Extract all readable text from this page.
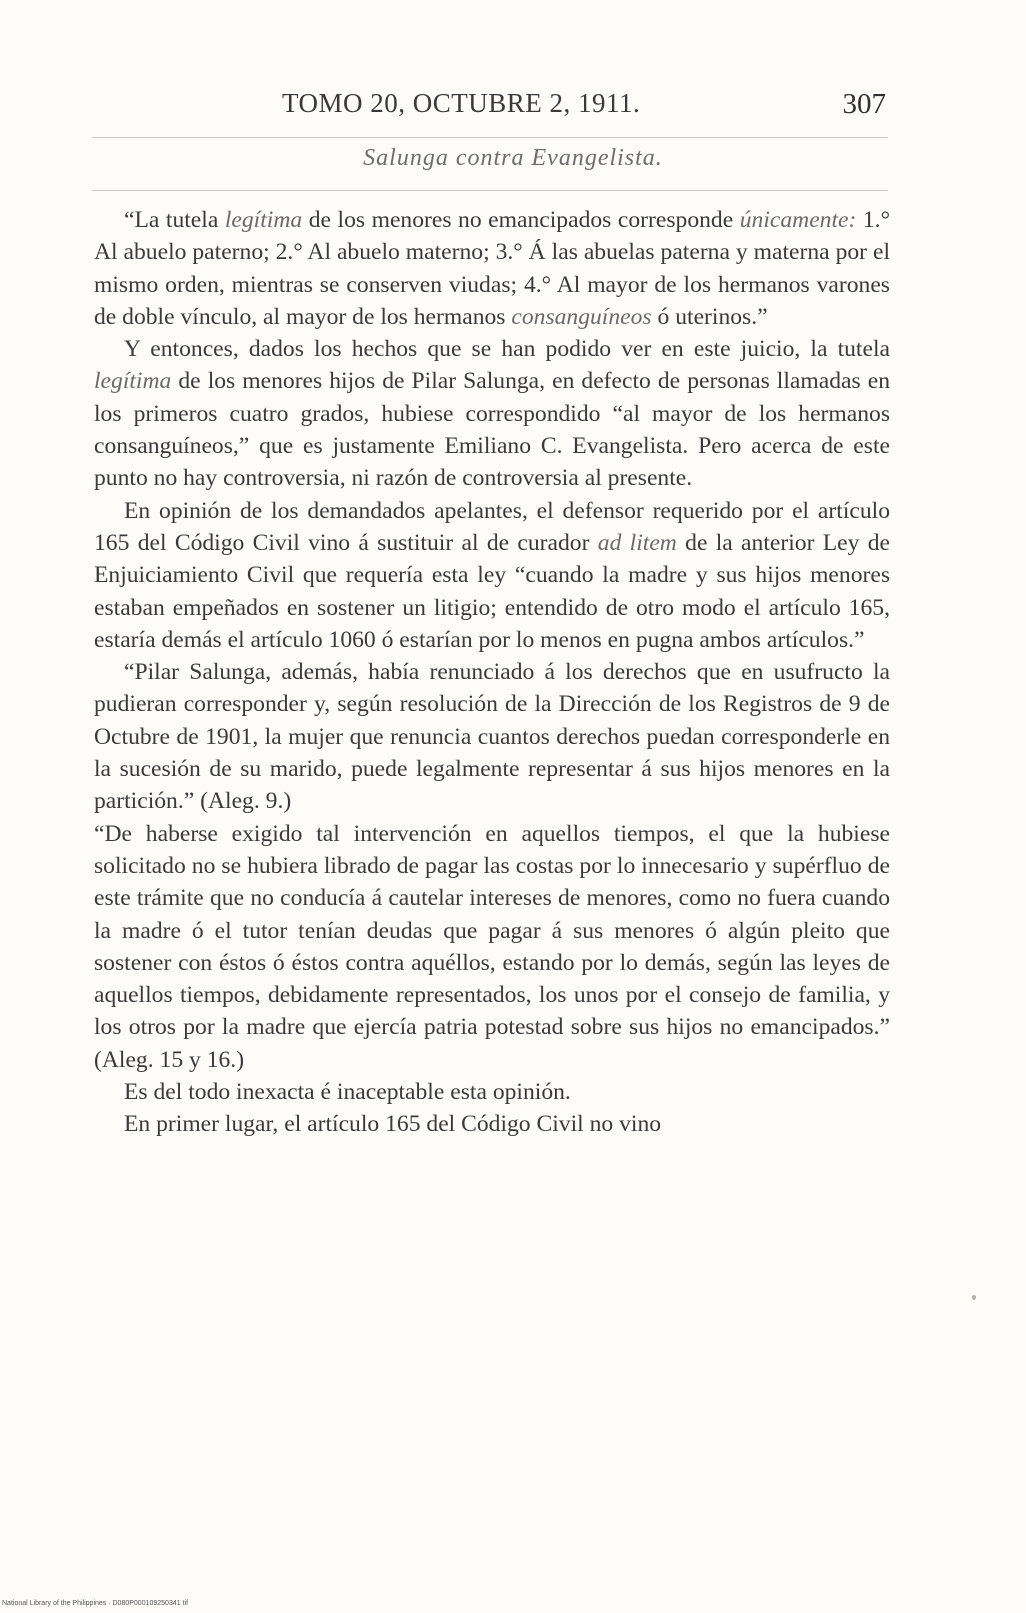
TOMO 20, OCTUBRE 2, 1911.	307
Salunga contra Evangelista.

“La tutela legítima de los menores no emancipados corresponde únicamente: 1.° Al abuelo paterno; 2.° Al abuelo materno; 3.° Á las abuelas paterna y materna por el mismo orden, mientras se conserven viudas; 4.° Al mayor de los hermanos varones de doble vínculo, al mayor de los hermanos consanguíneos ó uterinos.”

Y entonces, dados los hechos que se han podido ver en este juicio, la tutela legítima de los menores hijos de Pilar Salunga, en defecto de personas llamadas en los primeros cuatro grados, hubiese correspondido “al mayor de los hermanos consanguíneos,” que es justamente Emiliano C. Evangelista. Pero acerca de este punto no hay controversia, ni razón de controversia al presente.

En opinión de los demandados apelantes, el defensor requerido por el artículo 165 del Código Civil vino á sustituir al de curador ad litem de la anterior Ley de Enjuiciamiento Civil que requería esta ley “cuando la madre y sus hijos menores estaban empeñados en sostener un litigio; entendido de otro modo el artículo 165, estaría demás el artículo 1060 ó estarían por lo menos en pugna ambos artículos.”

“Pilar Salunga, además, había renunciado á los derechos que en usufructo la pudieran corresponder y, según resolución de la Dirección de los Registros de 9 de Octubre de 1901, la mujer que renuncia cuantos derechos puedan corresponderle en la sucesión de su marido, puede legalmente representar á sus hijos menores en la partición.” (Aleg. 9.)

“De haberse exigido tal intervención en aquellos tiempos, el que la hubiese solicitado no se hubiera librado de pagar las costas por lo innecesario y supérfluo de este trámite que no conducía á cautelar intereses de menores, como no fuera cuando la madre ó el tutor tenían deudas que pagar á sus menores ó algún pleito que sostener con éstos ó éstos contra aquéllos, estando por lo demás, según las leyes de aquellos tiempos, debidamente representados, los unos por el consejo de familia, y los otros por la madre que ejercía patria potestad sobre sus hijos no emancipados.” (Aleg. 15 y 16.)

Es del todo inexacta é inaceptable esta opinión.

En primer lugar, el artículo 165 del Código Civil no vino

National Library of the Philippines · D080P000109250341 tif
